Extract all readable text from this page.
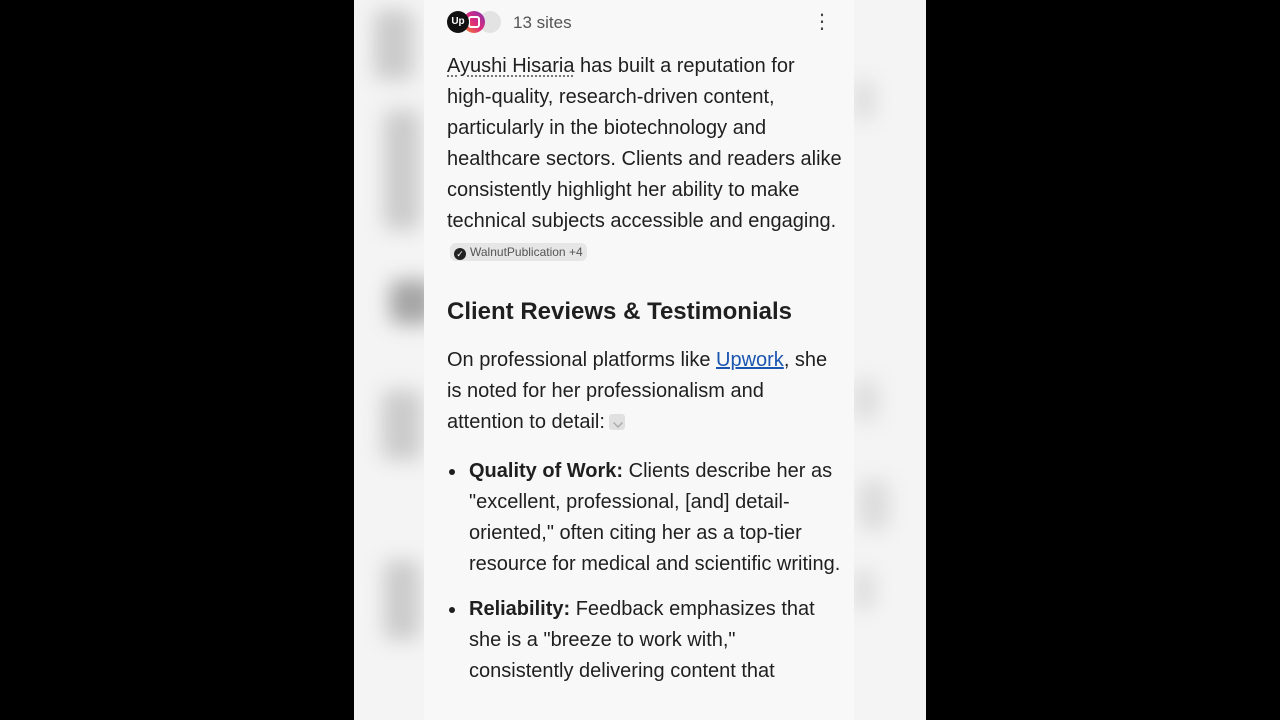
Up	13 sites	⋮

Ayushi Hisaria has built a reputation for high-quality, research-driven content, particularly in the biotechnology and healthcare sectors. Clients and readers alike consistently highlight her ability to make technical subjects accessible and engaging. ✓ WalnutPublication +4

Client Reviews & Testimonials

On professional platforms like Upwork, she is noted for her professionalism and attention to detail:

Quality of Work: Clients describe her as "excellent, professional, [and] detail-oriented," often citing her as a top-tier resource for medical and scientific writing.
Reliability: Feedback emphasizes that she is a "breeze to work with," consistently delivering content that
